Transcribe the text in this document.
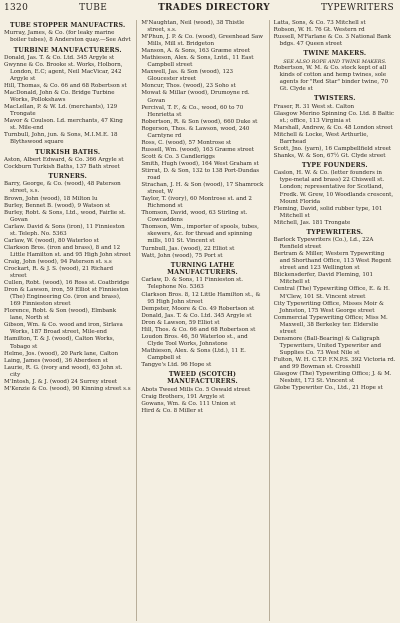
1320	TUBE	TRADES DIRECTORY	TYPEWRITERS
TUBE STOPPER MANUFACTRS.
Murray, James, & Co. (for leaky marine boiler tubes), 8 Anderston quay.—See Advt
TURBINE MANUFACTURERS.
Donald, Jas. T. & Co. Ltd. 345 Argyle st
Gwynne & Co. Brooke st. Works, Holborn, London, E.C; agent, Neil MacVicar, 242 Argyle st
Hill, Thomas, & Co. 66 and 68 Robertson st
MacDonald, John & Co. Bridge Turbine Works, Pollokshaws
MacLellan, P. & W. Ld. (merchants), 129 Trongate
Mavor & Coulson. Ld. merchants, 47 King st. Mile-end
Turnbull, John, jun. & Sons, M.I.M.E. 18 Blythswood square
TURKISH BATHS.
Aston, Albert Edward, & Co. 366 Argyle st
Cockburn Turkish Baths, 137 Bath street
TURNERS.
Barry, George, & Co. (wood), 48 Paterson street, s.s.
Brown, John (wood), 18 Milton lu
Burley, Bennet B. (wood), 9 Watson st
Burley, Robt. & Sons, Ltd., wood, Fairlie st. Govan
Carlaw. David & Sons (iron), 11 Finnieston st. Teleph. No. 5363
Carlaw, W. (wood), 80 Waterloo st
Clarkson Bros. (iron and brass), 8 and 12 Little Hamilton st. and 95 High John street
Craig, John (wood), 94 Paterson st. s.s
Crockart, R. & J. S. (wood), 21 Richard street
Cullen, Robt. (wood), 16 Ross st. Coatbridge
Dron & Lawson, iron, 59 Elliot st Finnieston (The) Engineering Co. (iron and brass), 169 Finnieston street
Florence, Robt. & Son (wood), Elmbank lane, North st
Gibson, Wm. & Co. wood and iron, Sirlava Works, 187 Broad street, Mile-end
Hamilton, T. & J. (wood), Calton Works, Tobago st
Helme, Jos. (wood), 20 Park lane, Calton
Laing, James (wood), 36 Aberdeen st
Laurie, R. G. (ivory and wood), 63 John st. city
M'Intosh, J. & J. (wood) 24 Surrey street
M'Kenzie & Co. (wood), 90 Kinning street s.s
M'Naughtan, Neil (wood), 38 Thistle street, s.s.
M'Phun, J. P. & Co. (wood), Greenhead Saw Mills, Mill st. Bridgeton
Manson, A. & Sons, 163 Græme street
Mathieson, Alex. & Sons, Lntd., 11 East Campbell street
Maxwell, Jas. & Son (wood), 123 Gloucester street
Moncur, Thos. (wood), 23 Soho st
Mowat & Millar (wood), Drumoyne rd. Govan
Percival, T. F., & Co., wood, 60 to 70 Henrietta st
Robertson, R. & Son (wood), 660 Duke st
Rogerson, Thos. & Lawson, wood, 240 Carntyne rd
Ross, C. (wood), 57 Montrose st
Russell, Wm. (wood), 163 Græme street
Scott & Co. 3 Candleriggs
Smith, Hugh (wood), 164 West Graham st
Stirrat, D. & Son, 132 to 138 Port-Dundas road
Strachan, J. H. & Son (wood), 17 Shamrock street, W
Taylor, T. (ivory), 60 Montrose st. and 2 Richmond st
Thomson, David, wood, 63 Stirling st. Cowcaddens
Thomson, Wm., importer of spools, tubes, skewers, &c. for thread and spinning mills, 101 St. Vincent st
Turnbull, Jas. (wood), 22 Elliot st
Watt, John (wood), 75 Port st
TURNING LATHE MANUFACTURERS.
Carlaw, D. & Sons, 11 Finnieston st. Telephone No. 5363
Clarkson Bros. 8, 12 Little Hamilton st., & 95 High John street
Dempster, Moore & Co. 49 Robertson st
Donald, Jas. T. & Co. Ltd. 345 Argyle st
Dron & Lawson, 59 Elliot st
Hill, Thos. & Co. 66 and 68 Robertson st
Loudon Bros. 46, 50 Waterloo st., and Clyde Tool Works, Johnstone
Mathieson, Alex. & Sons (Ltd.), 11 E. Campbell st
Tangye's Ltd. 96 Hope st
TWEED (SCOTCH) MANUFACTURERS.
Abots Tweed Mills Co. 5 Oswald street
Craig Brothers, 191 Argyle st
Gowans, Wm. & Co. 111 Union st
Hird & Co. 8 Miller st
Latta, Sons, & Co. 73 Mitchell st
Robson, W. H. 76 Gt. Western rd
Russell, M'Farlane & Co. 3 National Bank bdgs. 47 Queen street
TWINE MAKERS.
SEE ALSO ROPE AND TWINE MAKERS.
Robertson, W. M. & Co. stock kept of all kinds of cotton and hemp twines, sole agents for "Red Star" binder twine, 70 Gt. Clyde st
TWISTERS.
Fraser, R. 31 West st. Calton
Glasgow Merino Spinning Co. Ltd. 8 Baltic st.; office, 113 Virginia st
Marshall, Andrew, & Co. 48 London street
Mitchell & Locke, West Arthurlie, Barrhead
Scott, Jno. (yarn), 16 Campbellfield street
Shanks, W. & Son, 67½ Gt. Clyde street
TYPE FOUNDERS.
Caslon, H. W. & Co. (letter founders in type-metal and brass) 22 Chiswell st. London; representative for Scotland, Fredk. W. Grew, 10 Woodlands crescent, Mount Florida
Fleming, David, solid rubber type, 101 Mitchell st
Mitchell, Jas. 181 Trongate
TYPEWRITERS.
Barlock Typewriters (Co.), Ld., 22A Renfield street
Bertram & Miller, Western Typewriting and Shorthand Office, 113 West Regent street and 123 Wellington st
Blickensderfer, David Fleming, 101 Mitchell st
Central (The) Typewriting Office, E. & H. M'Clew, 101 St. Vincent street
City Typewriting Office, Misses Moir & Johnston, 175 West George street
Commercial Typewriting Office; Miss M. Maxwell, 38 Berkeley ter. Elderslie street
Densmore (Ball-Bearing) & Caligraph Typewriters, United Typewriter and Supplies Co. 73 West Nile st
Fulton, W. H. C.T.P. F.N.P.S. 392 Victoria rd. and 99 Bowman st. Crosshill
Glasgow (The) Typewriting Office; J. & M. Nesbitt, 173 St. Vincent st
Globe Typewriter Co., Ltd., 21 Hope st
